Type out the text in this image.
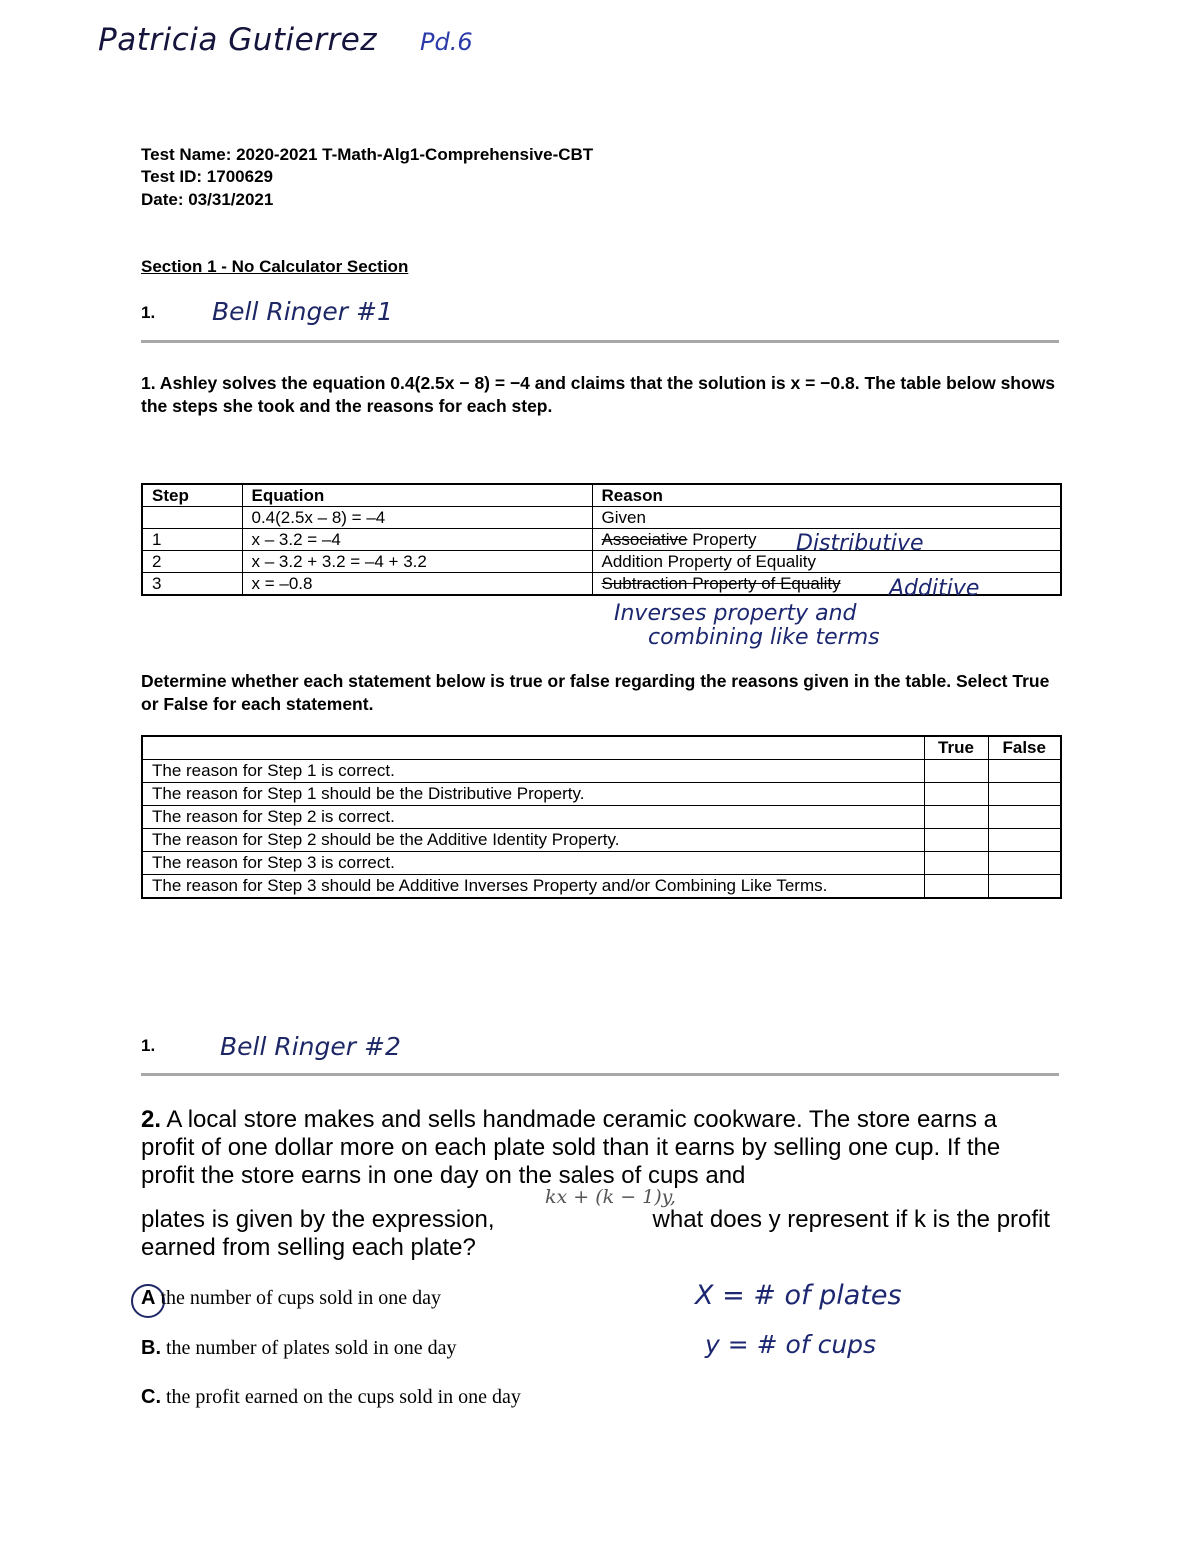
Patricia Gutierrez Pd.6
Test Name: 2020-2021 T-Math-Alg1-Comprehensive-CBT
Test ID: 1700629
Date: 03/31/2021
Section 1 - No Calculator Section
1. Bell Ringer #1
1. Ashley solves the equation 0.4(2.5x − 8) = −4 and claims that the solution is x = −0.8. The table below shows the steps she took and the reasons for each step.
Step	Equation	Reason
	0.4(2.5x – 8) = –4	Given
1	x – 3.2 = –4	Associative Property
2	x – 3.2 + 3.2 = –4 + 3.2	Addition Property of Equality
3	x = –0.8	Subtraction Property of Equality
Distributive
Additive
Inverses property and
combining like terms
Determine whether each statement below is true or false regarding the reasons given in the table. Select True or False for each statement.
	True	False
The reason for Step 1 is correct.		
The reason for Step 1 should be the Distributive Property.		
The reason for Step 2 is correct.		
The reason for Step 2 should be the Additive Identity Property.		
The reason for Step 3 is correct.		
The reason for Step 3 should be Additive Inverses Property and/or Combining Like Terms.		
1.	Bell Ringer #2
2. A local store makes and sells handmade ceramic cookware. The store earns a profit of one dollar more on each plate sold than it earns by selling one cup. If the profit the store earns in one day on the sales of cups and
plates is given by the expression,	what does y represent if k is the profit earned from selling each plate?
kx + (k − 1)y,
A the number of cups sold in one day
B. the number of plates sold in one day
C. the profit earned on the cups sold in one day
X = # of plates
y = # of cups
